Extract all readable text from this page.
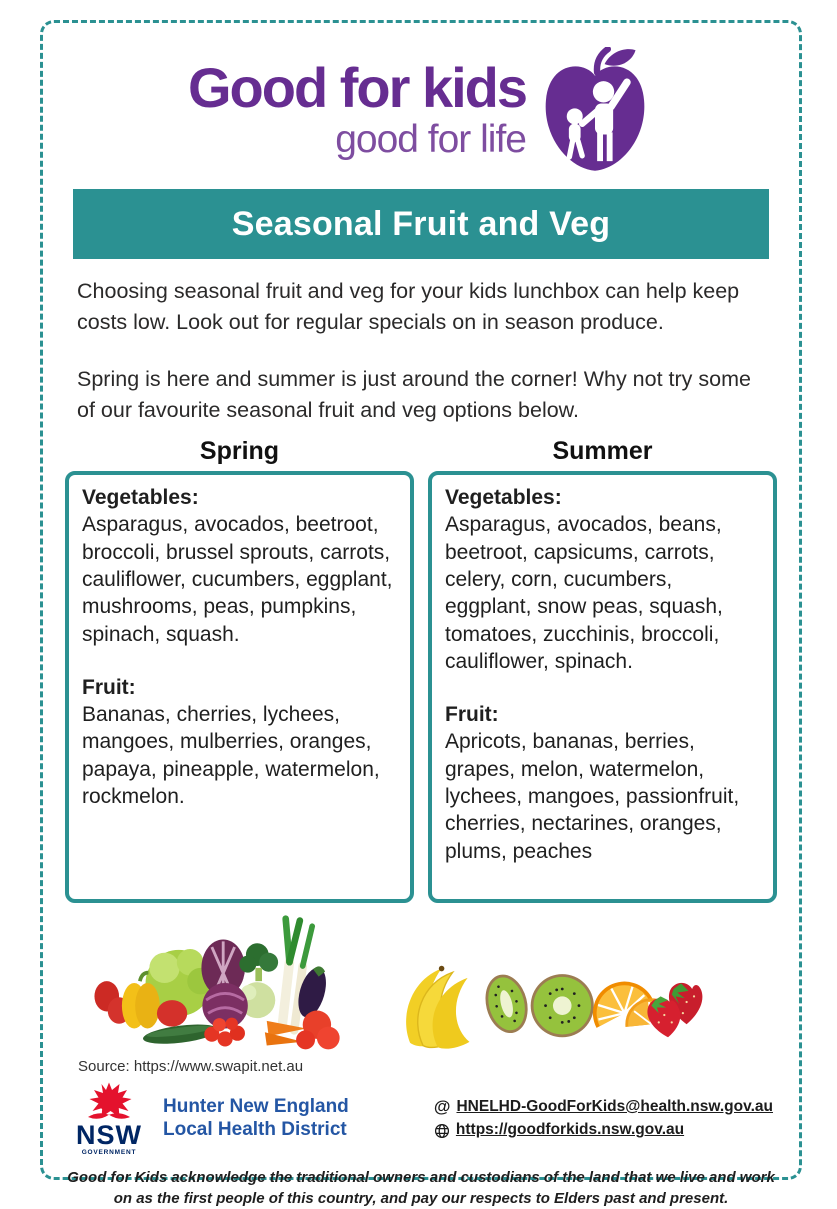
Good for kids
good for life
Seasonal Fruit and Veg

Choosing seasonal fruit and veg for your kids lunchbox can help keep costs low. Look out for regular specials on in season produce.

Spring is here and summer is just around the corner! Why not try some of our favourite seasonal fruit and veg options below.

Spring
Vegetables:
Asparagus, avocados, beetroot, broccoli, brussel sprouts, carrots, cauliflower, cucumbers, eggplant, mushrooms, peas, pumpkins, spinach, squash.
Fruit:
Bananas, cherries, lychees, mangoes, mulberries, oranges, papaya, pineapple, watermelon, rockmelon.
Summer
Vegetables:
Asparagus, avocados, beans, beetroot, capsicums, carrots, celery, corn, cucumbers, eggplant, snow peas, squash, tomatoes, zucchinis, broccoli, cauliflower, spinach.
Fruit:
Apricots, bananas, berries, grapes, melon, watermelon, lychees, mangoes, passionfruit, cherries, nectarines, oranges, plums, peaches
Source: https://www.swapit.net.au
NSW
GOVERNMENT
Hunter New England
Local Health District
@ HNELHD-GoodForKids@health.nsw.gov.au
https://goodforkids.nsw.gov.au
Good for Kids acknowledge the traditional owners and custodians of the land that we live and work on as the first people of this country, and pay our respects to Elders past and present.
